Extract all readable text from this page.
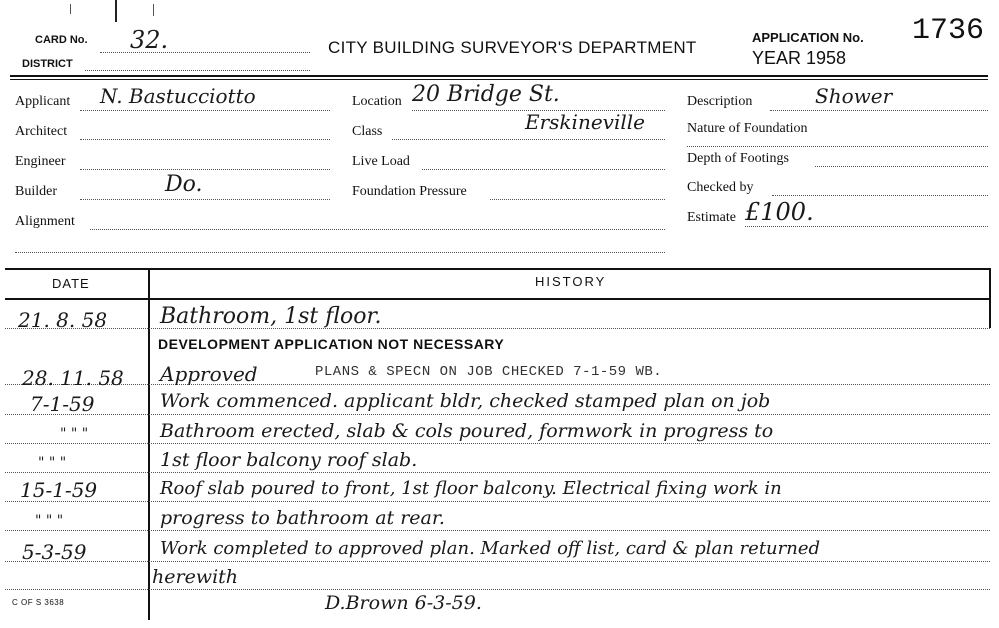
CARD No. 32.
DISTRICT
CITY BUILDING SURVEYOR'S DEPARTMENT
APPLICATION No. 1736
YEAR 1958
Applicant N. Bastucciotto
Architect
Engineer
Builder	Do.
Alignment
Location 20 Bridge St.
Class	Erskineville
Live Load
Foundation Pressure
Description	Shower
Nature of Foundation
Depth of Footings
Checked by
Estimate £100.
DATE	HISTORY
21. 8. 58 Bathroom, 1st floor.
DEVELOPMENT APPLICATION NOT NECESSARY
28. 11. 58 Approved	PLANS & SPECN ON JOB CHECKED 7-1-59 WB.
7-1-59	Work commenced. applicant bldr, checked stamped plan on job
" " "	Bathroom erected, slab & cols poured, formwork in progress to
" " "	1st floor balcony roof slab.
15-1-59	Roof slab poured to front, 1st floor balcony. Electrical fixing work in
" " "	progress to bathroom at rear.
5-3-59	Work completed to approved plan. Marked off list, card & plan returned
herewith
D.Brown 6-3-59.
C OF S 3638
